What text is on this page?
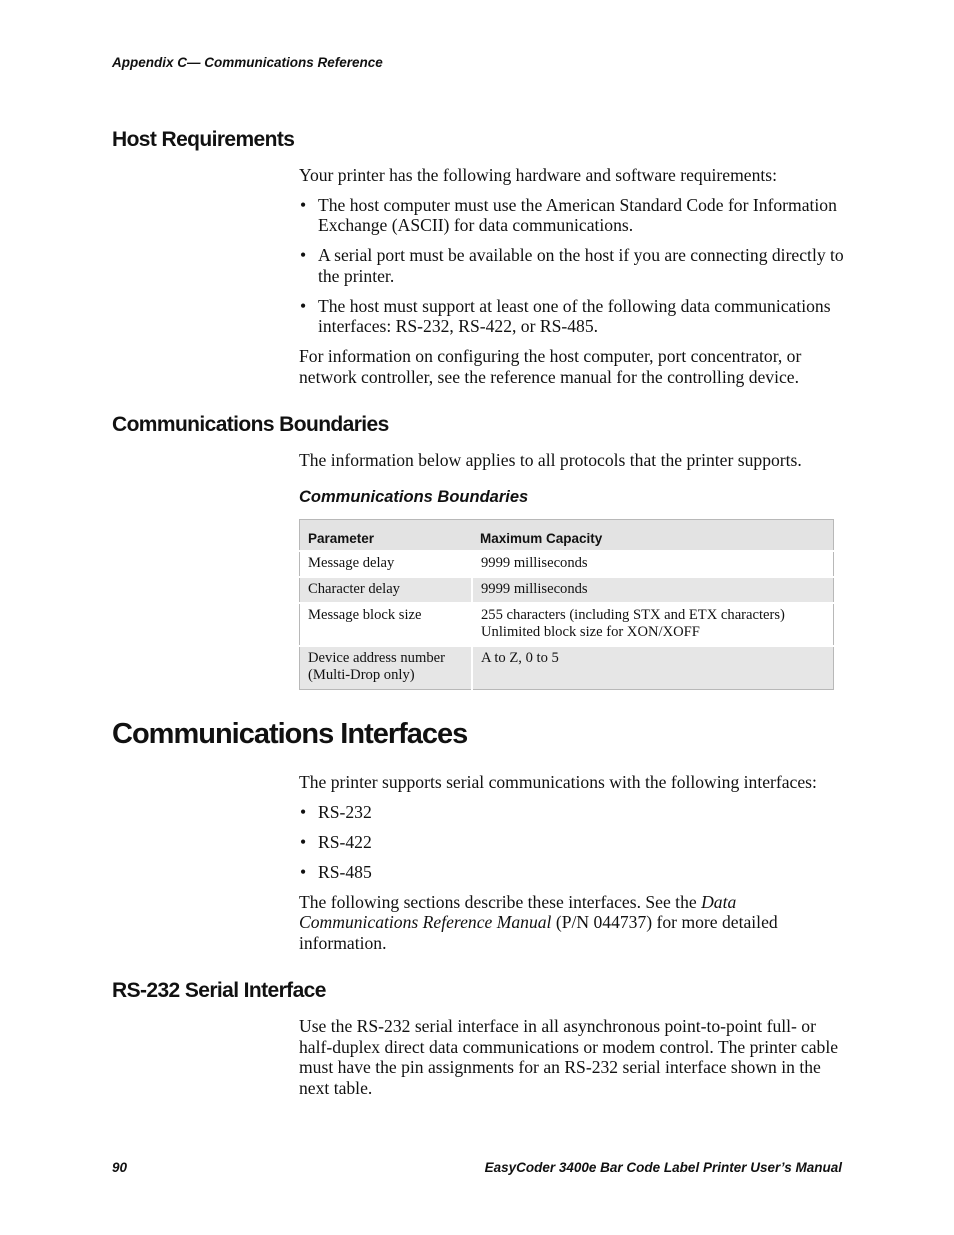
Appendix C— Communications Reference
Host Requirements

Your printer has the following hardware and software requirements:

• The host computer must use the American Standard Code for Information Exchange (ASCII) for data communications.
• A serial port must be available on the host if you are connecting directly to the printer.
• The host must support at least one of the following data communications interfaces: RS-232, RS-422, or RS-485.

For information on configuring the host computer, port concentrator, or network controller, see the reference manual for the controlling device.

Communications Boundaries

The information below applies to all protocols that the printer supports.

Communications Boundaries
Parameter	Maximum Capacity
Message delay	9999 milliseconds

Character delay	9999 milliseconds

Message block size	255 characters (including STX and ETX characters)
Unlimited block size for XON/XOFF

Device address number (Multi-Drop only)	A to Z, 0 to 5
Communications Interfaces

The printer supports serial communications with the following interfaces:

• RS-232
• RS-422
• RS-485

The following sections describe these interfaces. See the Data Communications Reference Manual (P/N 044737) for more detailed information.

RS-232 Serial Interface

Use the RS-232 serial interface in all asynchronous point-to-point full- or half-duplex direct data communications or modem control. The printer cable must have the pin assignments for an RS-232 serial interface shown in the next table.

90	EasyCoder 3400e Bar Code Label Printer User’s Manual
